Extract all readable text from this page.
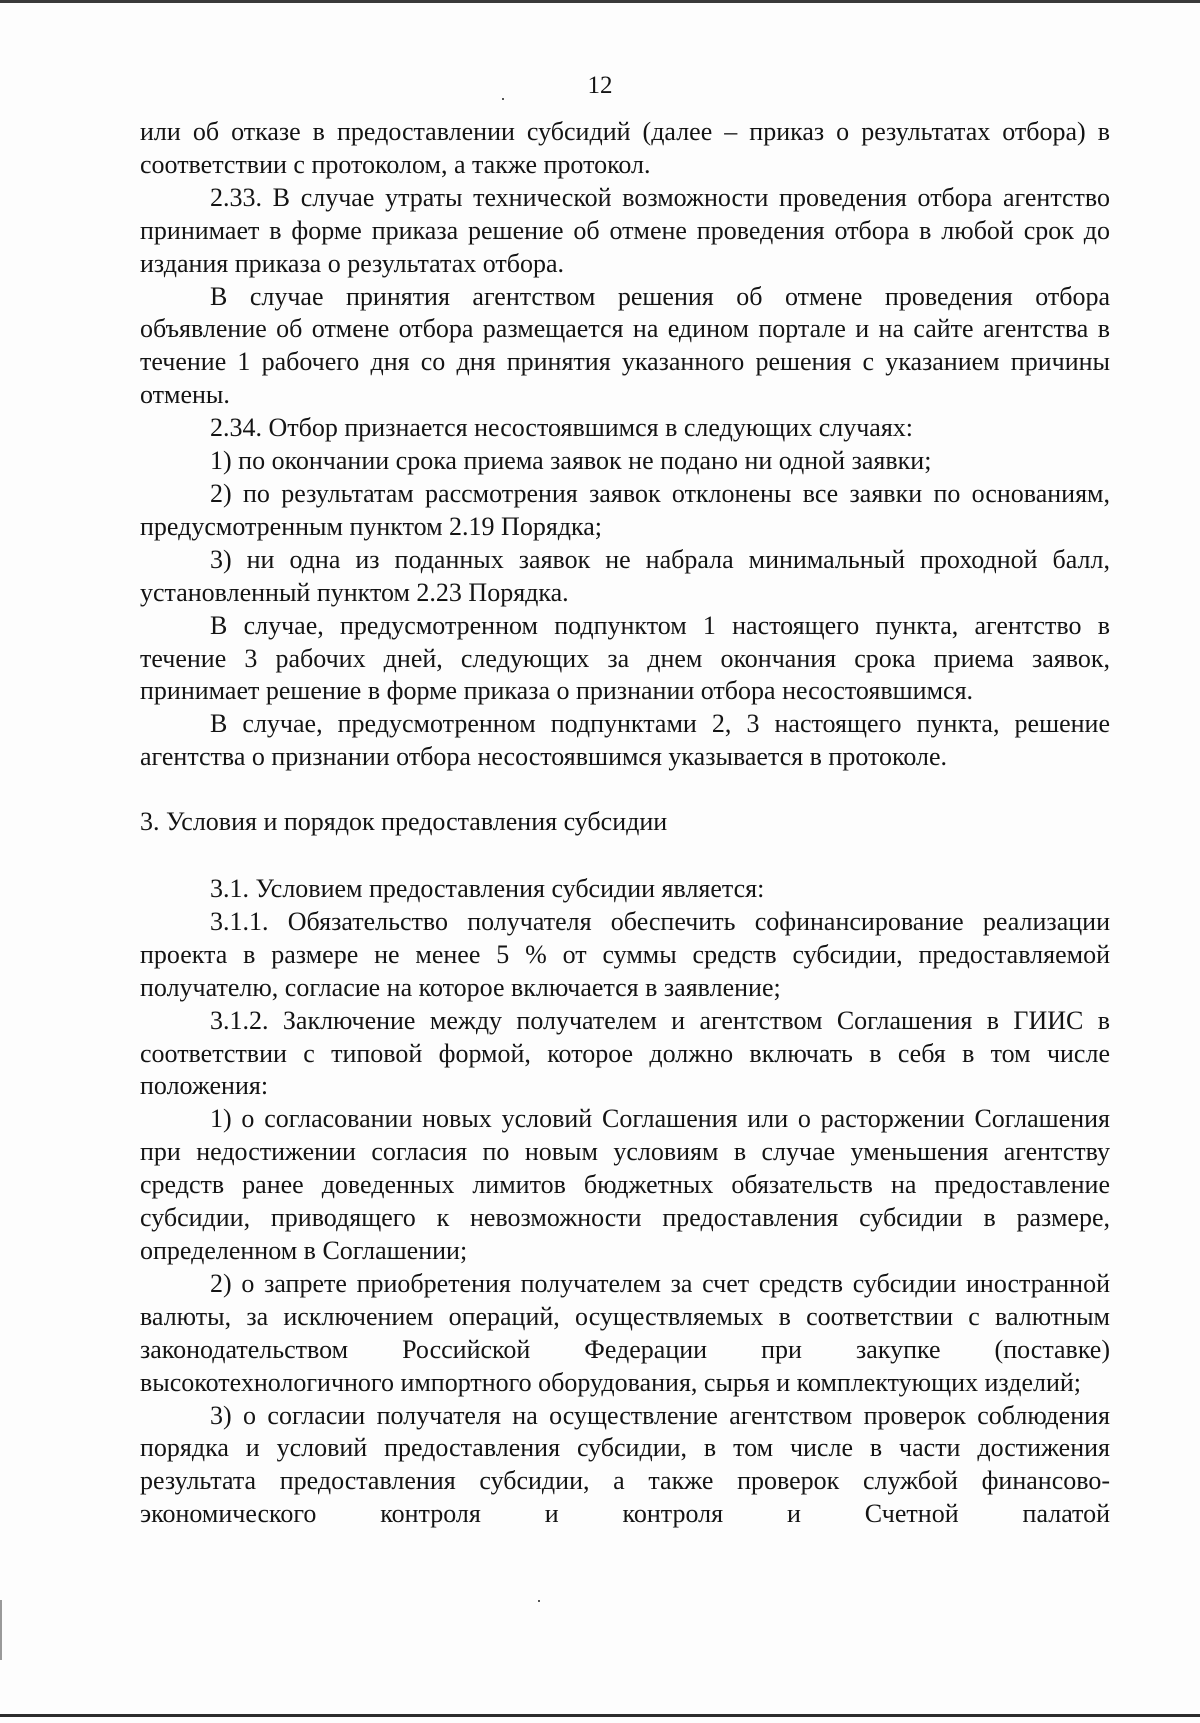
12

или об отказе в предоставлении субсидий (далее – приказ о результатах отбора) в соответствии с протоколом, а также протокол.

2.33. В случае утраты технической возможности проведения отбора агентство принимает в форме приказа решение об отмене проведения отбора в любой срок до издания приказа о результатах отбора.

В случае принятия агентством решения об отмене проведения отбора объявление об отмене отбора размещается на едином портале и на сайте агентства в течение 1 рабочего дня со дня принятия указанного решения с указанием причины отмены.

2.34. Отбор признается несостоявшимся в следующих случаях:

1) по окончании срока приема заявок не подано ни одной заявки;

2) по результатам рассмотрения заявок отклонены все заявки по основаниям, предусмотренным пунктом 2.19 Порядка;

3) ни одна из поданных заявок не набрала минимальный проходной балл, установленный пунктом 2.23 Порядка.

В случае, предусмотренном подпунктом 1 настоящего пункта, агентство в течение 3 рабочих дней, следующих за днем окончания срока приема заявок, принимает решение в форме приказа о признании отбора несостоявшимся.

В случае, предусмотренном подпунктами 2, 3 настоящего пункта, решение агентства о признании отбора несостоявшимся указывается в протоколе.

3. Условия и порядок предоставления субсидии

3.1. Условием предоставления субсидии является:

3.1.1. Обязательство получателя обеспечить софинансирование реализации проекта в размере не менее 5 % от суммы средств субсидии, предоставляемой получателю, согласие на которое включается в заявление;

3.1.2. Заключение между получателем и агентством Соглашения в ГИИС в соответствии с типовой формой, которое должно включать в себя в том числе положения:

1) о согласовании новых условий Соглашения или о расторжении Соглашения при недостижении согласия по новым условиям в случае уменьшения агентству средств ранее доведенных лимитов бюджетных обязательств на предоставление субсидии, приводящего к невозможности предоставления субсидии в размере, определенном в Соглашении;

2) о запрете приобретения получателем за счет средств субсидии иностранной валюты, за исключением операций, осуществляемых в соответствии с валютным законодательством Российской Федерации при закупке (поставке) высокотехнологичного импортного оборудования, сырья и комплектующих изделий;

3) о согласии получателя на осуществление агентством проверок соблюдения порядка и условий предоставления субсидии, в том числе в части достижения результата предоставления субсидии, а также проверок службой финансово-экономического контроля и контроля и Счетной палатой
